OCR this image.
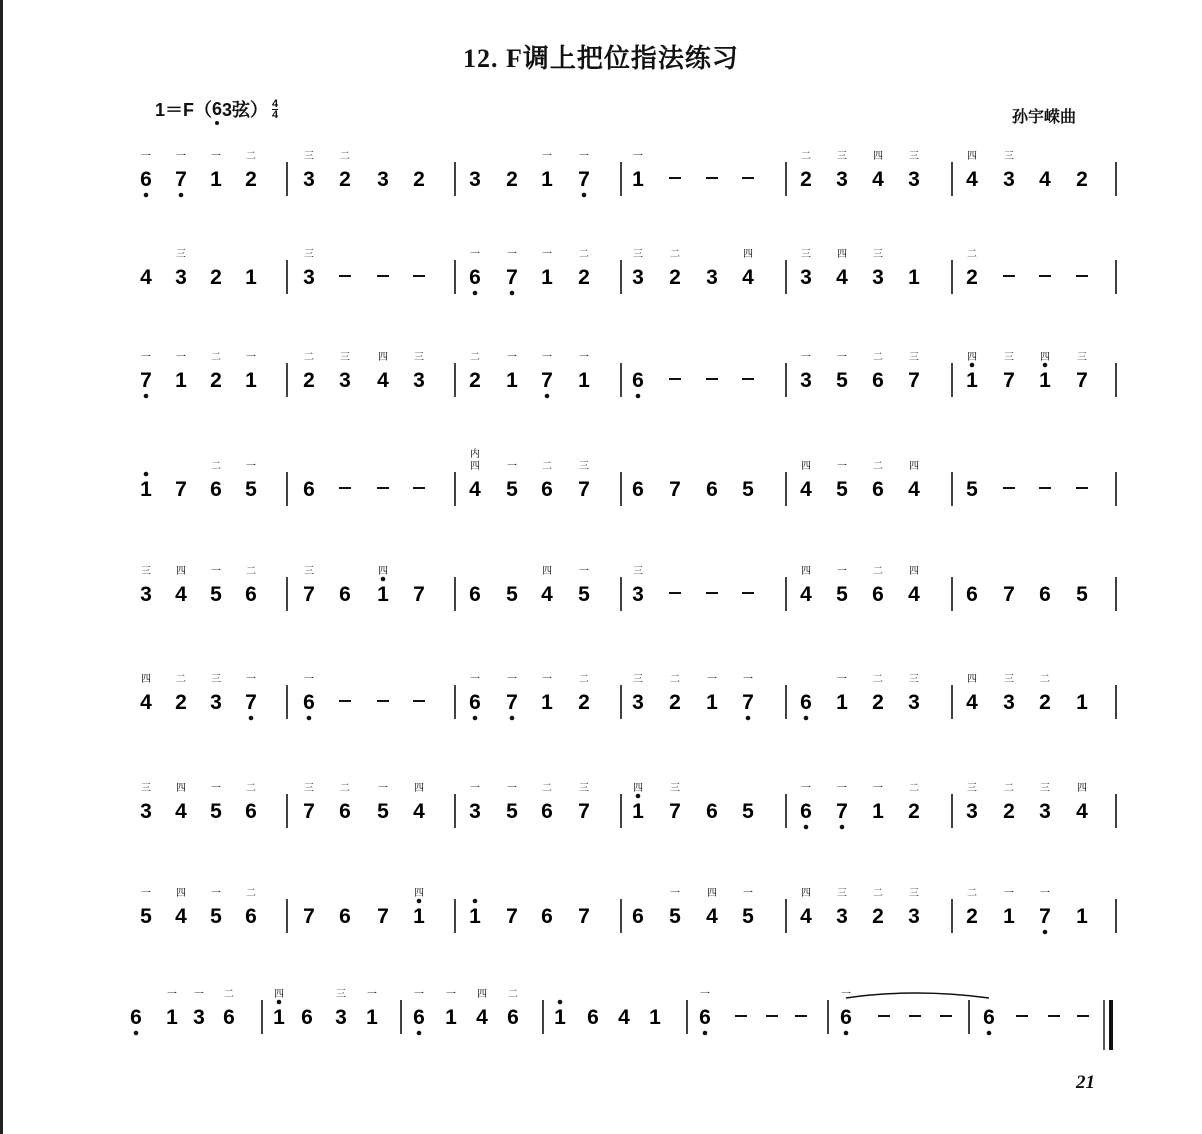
12. F调上把位指法练习
1＝F（ 6 3弦） 4
4	孙宇嵘曲
6
一
7
一
1
一
2
二
3
三
2
二
3 2 3 2 1
一
7
一
1
一
2
二
3
三
4
四
3
三
4
四
3
三
4 2
4 3
三
2 1 3
三
6
一
7
一
1
一
2
二
3
三
2
二
3 4
四
3
三
4
四
3
三
1 2
二
7
一
1
一
2
二
1
一
2
二
3
三
4
四
3
三
2
二
1
一
7
一
1
一
6	3
一
5
一
6
二
7
三
1
四
7
三
1
四
7
三
1 7 6
二
5
一
6	4
内四
5
一
6
二
7
三
6 7 6 5 4
四
5
一
6
二
4
四
5
3
三
4
四
5
一
6
二
7
三
6 1
四
7 6 5 4
四
5
一
3
三
4
四
5
一
6
二
4
四
6 7 6 5
4
四
2
二
3
三
7
一
6
一
6
一
7
一
1
一
2
二
3
三
2
二
1
一
7
一
6 1
一
2
二
3
三
4
四
3
三
2
二
1
3
三
4
四
5
一
6
二
7
三
6
二
5
一
4
四
3
一
5
一
6
二
7
三
1
四
7
三
6 5 6
一
7
一
1
一
2
二
3
三
2
二
3
三
4
四
5
一
4
四
5
一
6
二
7 6 7 1
四
1 7 6 7 6 5
一
4
四
5
一
4
四
3
三
2
二
3
三
2
二
1
一
7
一
1
6 1
一
3
一
6
二
1
四
6 3
三
1
一
6
一
1
一
4
四
6
二
1 6 4 1 6
一
6
一
6
21
